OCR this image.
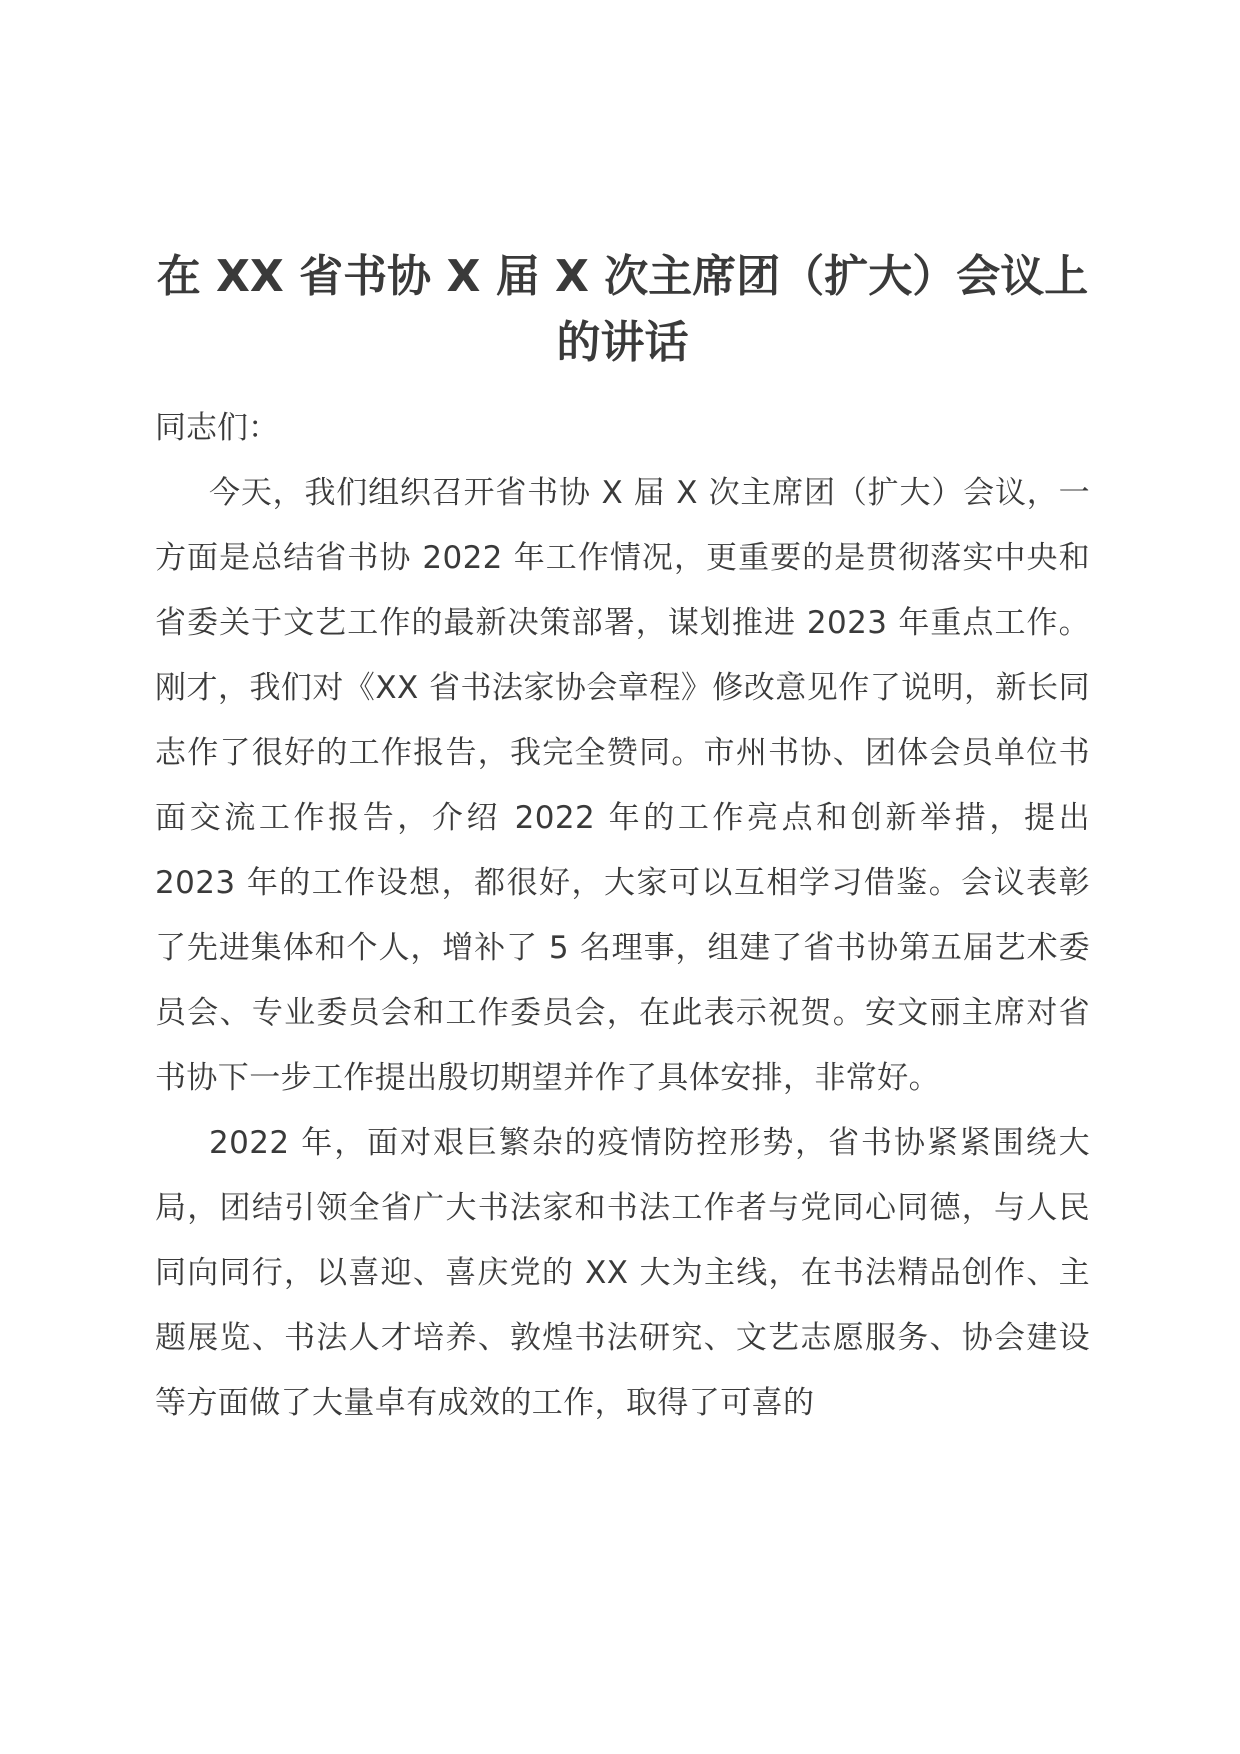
在 XX 省书协 X 届 X 次主席团（扩大）会议上
的讲话

同志们：

今天，我们组织召开省书协 X 届 X 次主席团（扩大）会议，一方面是总结省书协 2022 年工作情况，更重要的是贯彻落实中央和省委关于文艺工作的最新决策部署，谋划推进 2023 年重点工作。刚才，我们对《XX 省书法家协会章程》修改意见作了说明，新长同志作了很好的工作报告，我完全赞同。市州书协、团体会员单位书面交流工作报告，介绍 2022 年的工作亮点和创新举措，提出 2023 年的工作设想，都很好，大家可以互相学习借鉴。会议表彰了先进集体和个人，增补了 5 名理事，组建了省书协第五届艺术委员会、专业委员会和工作委员会，在此表示祝贺。安文丽主席对省书协下一步工作提出殷切期望并作了具体安排，非常好。

2022 年，面对艰巨繁杂的疫情防控形势，省书协紧紧围绕大局，团结引领全省广大书法家和书法工作者与党同心同德，与人民同向同行，以喜迎、喜庆党的 XX 大为主线，在书法精品创作、主题展览、书法人才培养、敦煌书法研究、文艺志愿服务、协会建设等方面做了大量卓有成效的工作，取得了可喜的
